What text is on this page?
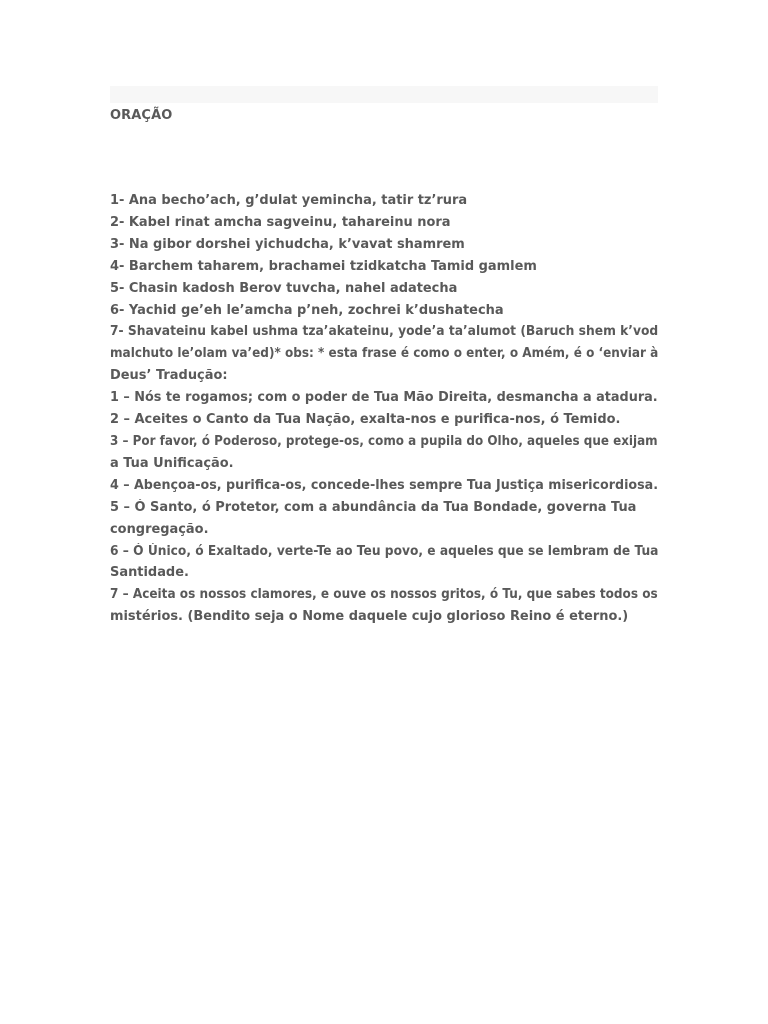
ORAÇÃO
1- Ana becho’ach, g’dulat yemincha, tatir tz’rura 2- Kabel rinat amcha sagveinu, tahareinu nora 3- Na gibor dorshei yichudcha, k’vavat shamrem 4- Barchem taharem, brachamei tzidkatcha Tamid gamlem 5- Chasin kadosh Berov tuvcha, nahel adatecha 6- Yachid ge’eh le’amcha p’neh, zochrei k’dushatecha 7- Shavateinu kabel ushma tza’akateinu, yode’a ta’alumot (Baruch shem k’vod malchuto le’olam va’ed)* obs: * esta frase é como o enter, o Amém, é o ‘enviar à Deus’ Tradução: 1 – Nós te rogamos; com o poder de Tua Mão Direita, desmancha a atadura. 2 – Aceites o Canto da Tua Nação, exalta-nos e purifica-nos, ó Temido. 3 – Por favor, ó Poderoso, protege-os, como a pupila do Olho, aqueles que exijam a Tua Unificação. 4 – Abençoa-os, purifica-os, concede-lhes sempre Tua Justiça misericordiosa. 5 – Ó Santo, ó Protetor, com a abundância da Tua Bondade, governa Tua congregação. 6 – Ó Único, ó Exaltado, verte-Te ao Teu povo, e aqueles que se lembram de Tua Santidade. 7 – Aceita os nossos clamores, e ouve os nossos gritos, ó Tu, que sabes todos os mistérios. (Bendito seja o Nome daquele cujo glorioso Reino é eterno.)
